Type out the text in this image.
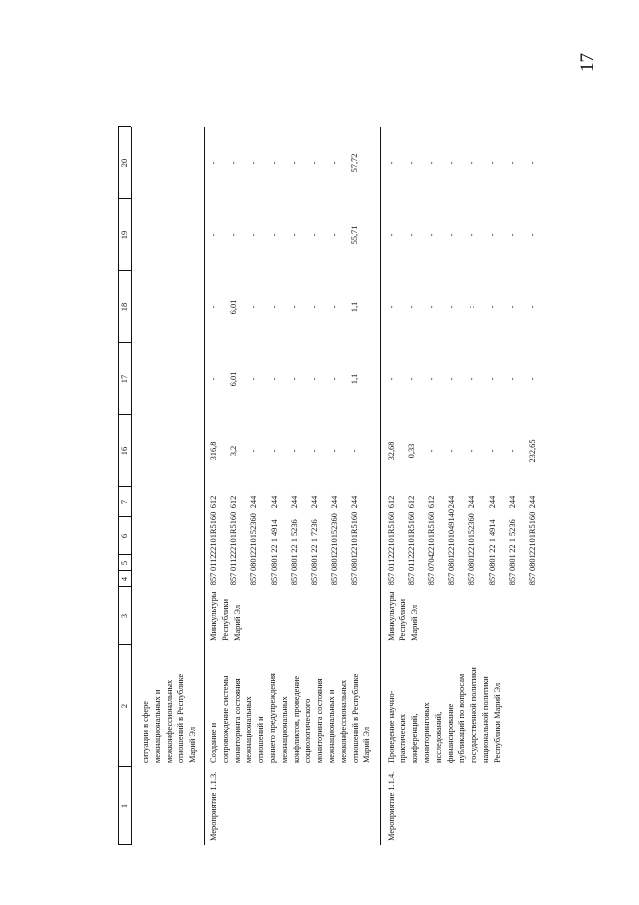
17
1
2
3
4
5
6
7
16
17
18
19
20
ситуации в сфере межнациональных и межконфессиональных отношений в Республике Марий Эл
Мероприятие 1.1.3.
Создание и сопровождение системы мониторинга состояния межнациональных отношений и раннего предупреждения межнациональных конфликтов, проведение социологического мониторинга состояния межнациональных и межконфессиональных отношений в Республике Марий Эл
Минкультуры Республики Марий Эл
857
0112
22101R5160
612
316,8
-
-
-
-
857
0112
22101R5160
612
3,2
6,01
6,01
-
-
857
0801
2210152360
244
-
-
-
-
-
857
0801
22 1 4914
244
-
-
-
-
-
857
0801
22 1 5236
244
-
-
-
-
-
857
0801
22 1 7236
244
-
-
-
-
-
857
0801
2210152360
244
-
-
-
-
-
857
0801
22101R5160
244
-
1,1
1,1
55,71
57,72
Мероприятие 1.1.4.
Проведение научно- практических конференций, мониторинговых исследований, финансирование публикаций по вопросам государственной политики национальной политики Республики Марий Эл
Минкультуры Республики Марий Эл
857
0112
22101R5160
612
32,68
-
-
-
-
857
0112
22101R5160
612
0,33
-
-
-
-
857
0704
22101R5160
612
-
-
-
-
-
857
0801
22101049140
244
-
-
-
-
-
857
0801
2210152360
244
-
-
:
-
-
857
0801
22 1 4914
244
-
-
-
-
-
857
0801
22 1 5236
244
-
-
-
-
-
857
0801
22101R5160
244
232,65
-
-
-
-
